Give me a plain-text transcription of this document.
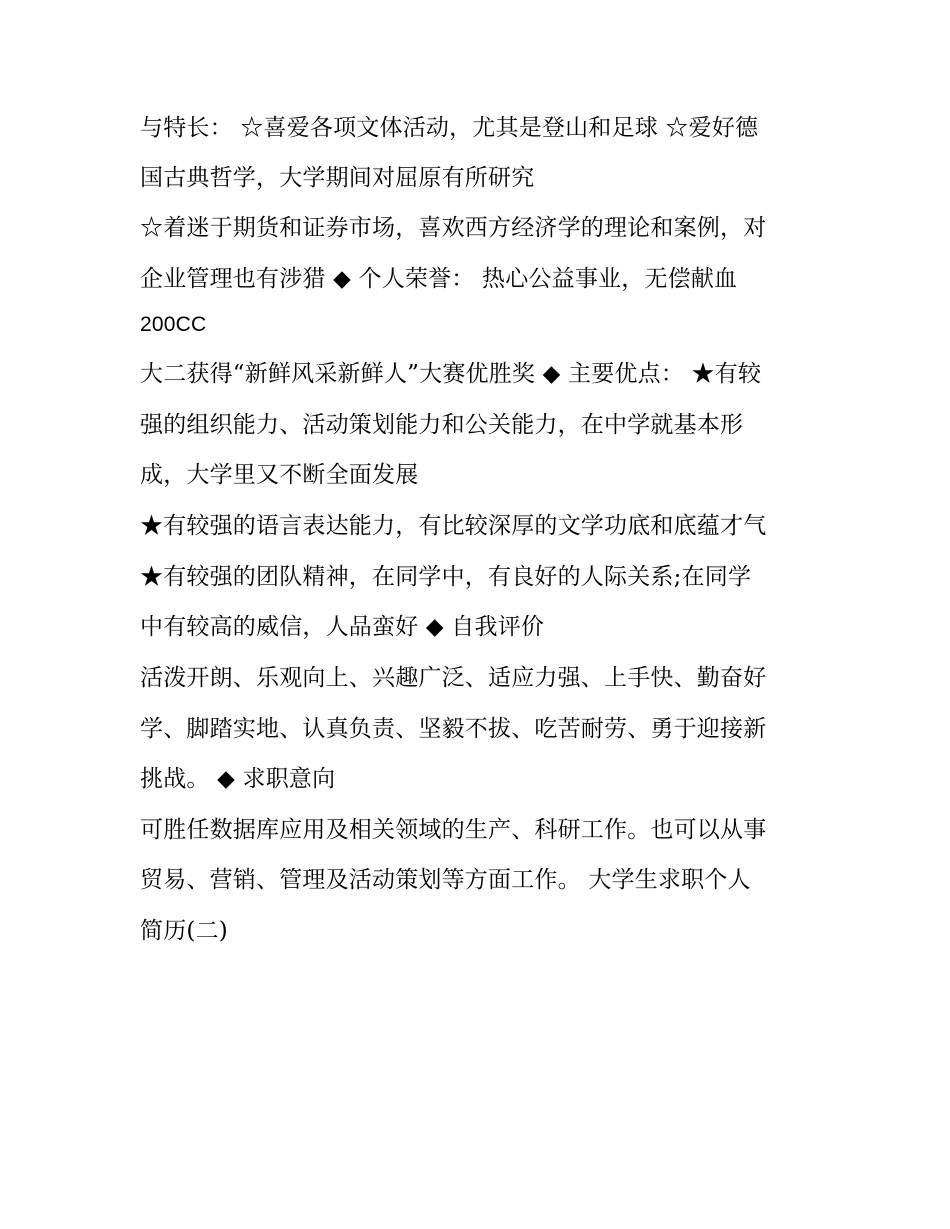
与特长： ☆喜爱各项文体活动，尤其是登山和足球 ☆爱好德
国古典哲学，大学期间对屈原有所研究
☆着迷于期货和证券市场，喜欢西方经济学的理论和案例，对
企业管理也有涉猎 ◆ 个人荣誉： 热心公益事业，无偿献血
200CC
大二获得“新鲜风采新鲜人”大赛优胜奖 ◆ 主要优点： ★有较
强的组织能力、活动策划能力和公关能力，在中学就基本形
成，大学里又不断全面发展
★有较强的语言表达能力，有比较深厚的文学功底和底蕴才气
★有较强的团队精神，在同学中，有良好的人际关系;在同学
中有较高的威信，人品蛮好 ◆ 自我评价
活泼开朗、乐观向上、兴趣广泛、适应力强、上手快、勤奋好
学、脚踏实地、认真负责、坚毅不拔、吃苦耐劳、勇于迎接新
挑战。 ◆ 求职意向
可胜任数据库应用及相关领域的生产、科研工作。也可以从事
贸易、营销、管理及活动策划等方面工作。 大学生求职个人
简历(二)
